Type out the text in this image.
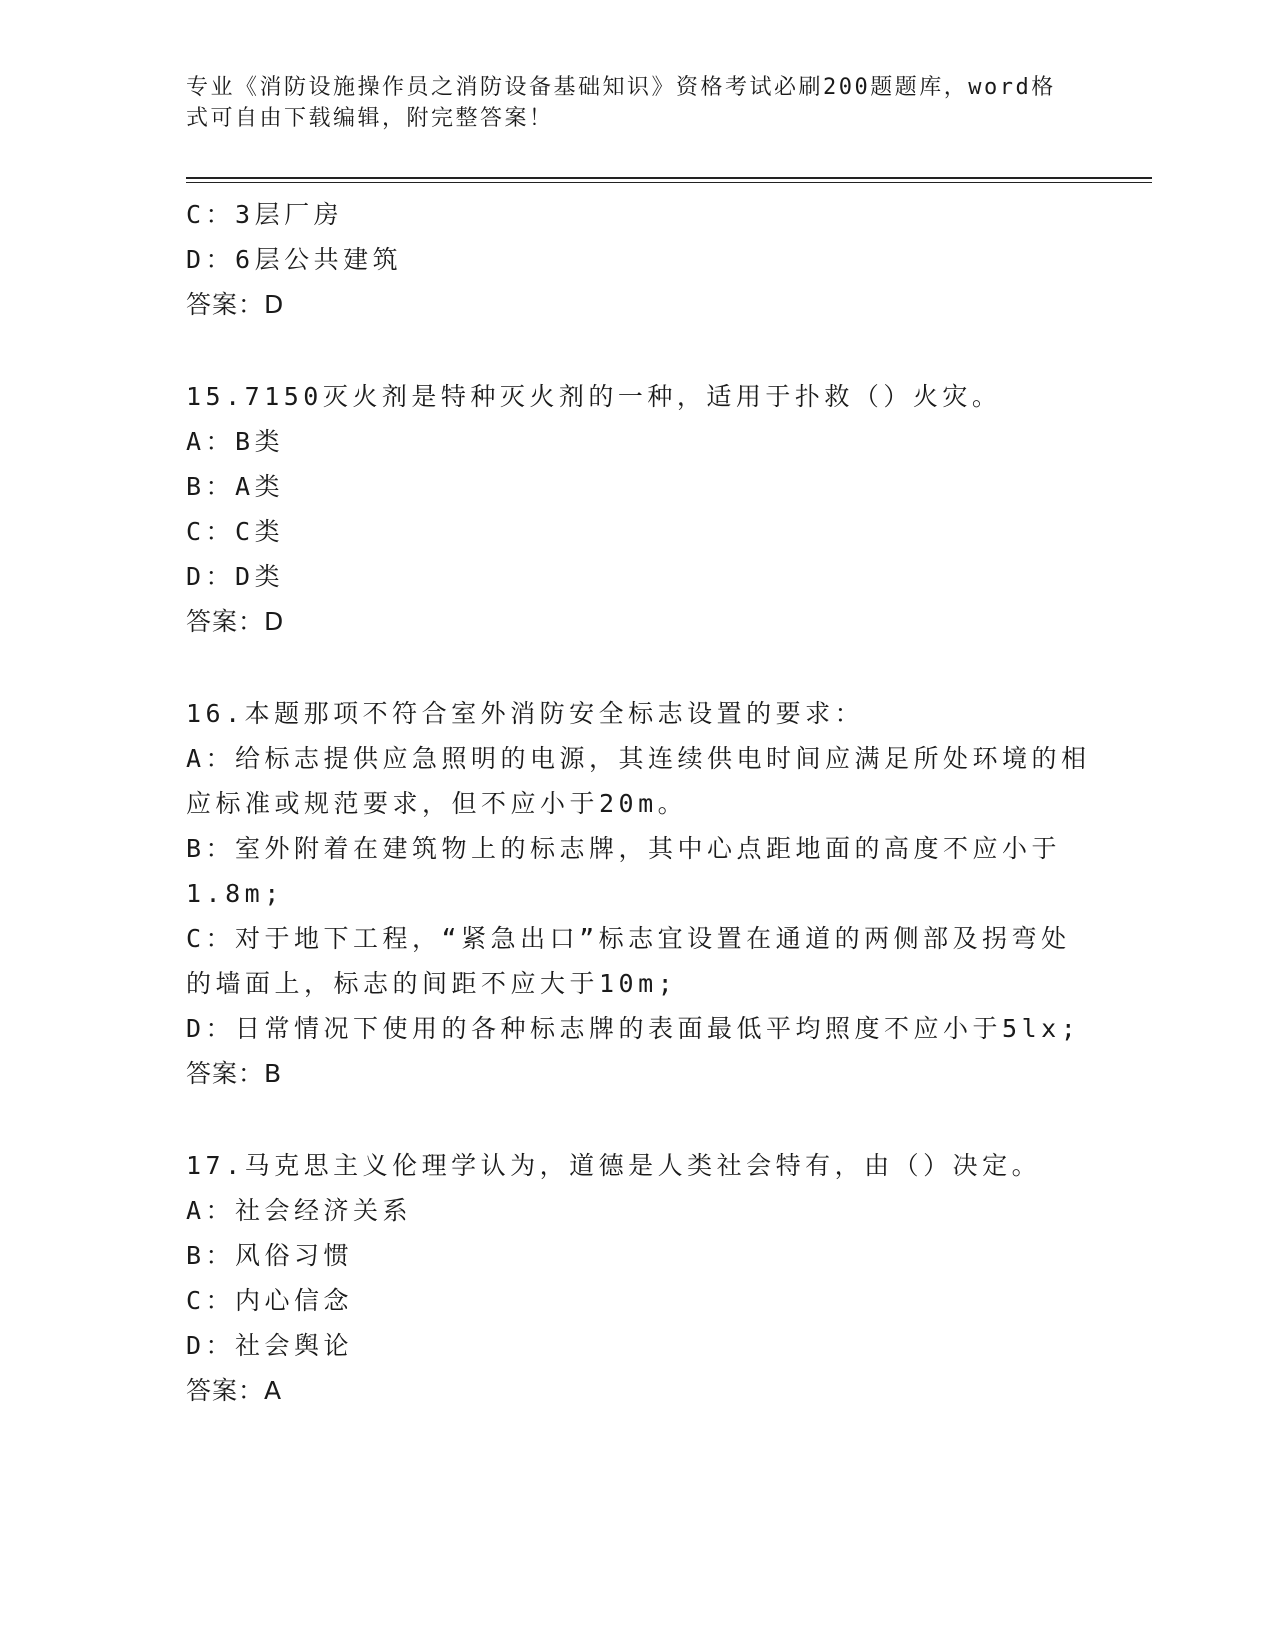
专业《消防设施操作员之消防设备基础知识》资格考试必刷200题题库，word格
式可自由下载编辑，附完整答案！
C：3层厂房
D：6层公共建筑
答案：D
15.7150灭火剂是特种灭火剂的一种，适用于扑救（）火灾。
A：B类
B：A类
C：C类
D：D类
答案：D
16.本题那项不符合室外消防安全标志设置的要求：
A：给标志提供应急照明的电源，其连续供电时间应满足所处环境的相
应标准或规范要求，但不应小于20m。
B：室外附着在建筑物上的标志牌，其中心点距地面的高度不应小于
1.8m;
C：对于地下工程，“紧急出口”标志宜设置在通道的两侧部及拐弯处
的墙面上，标志的间距不应大于10m;
D：日常情况下使用的各种标志牌的表面最低平均照度不应小于5lx;
答案：B
17.马克思主义伦理学认为，道德是人类社会特有，由（）决定。
A：社会经济关系
B：风俗习惯
C：内心信念
D：社会舆论
答案：A
